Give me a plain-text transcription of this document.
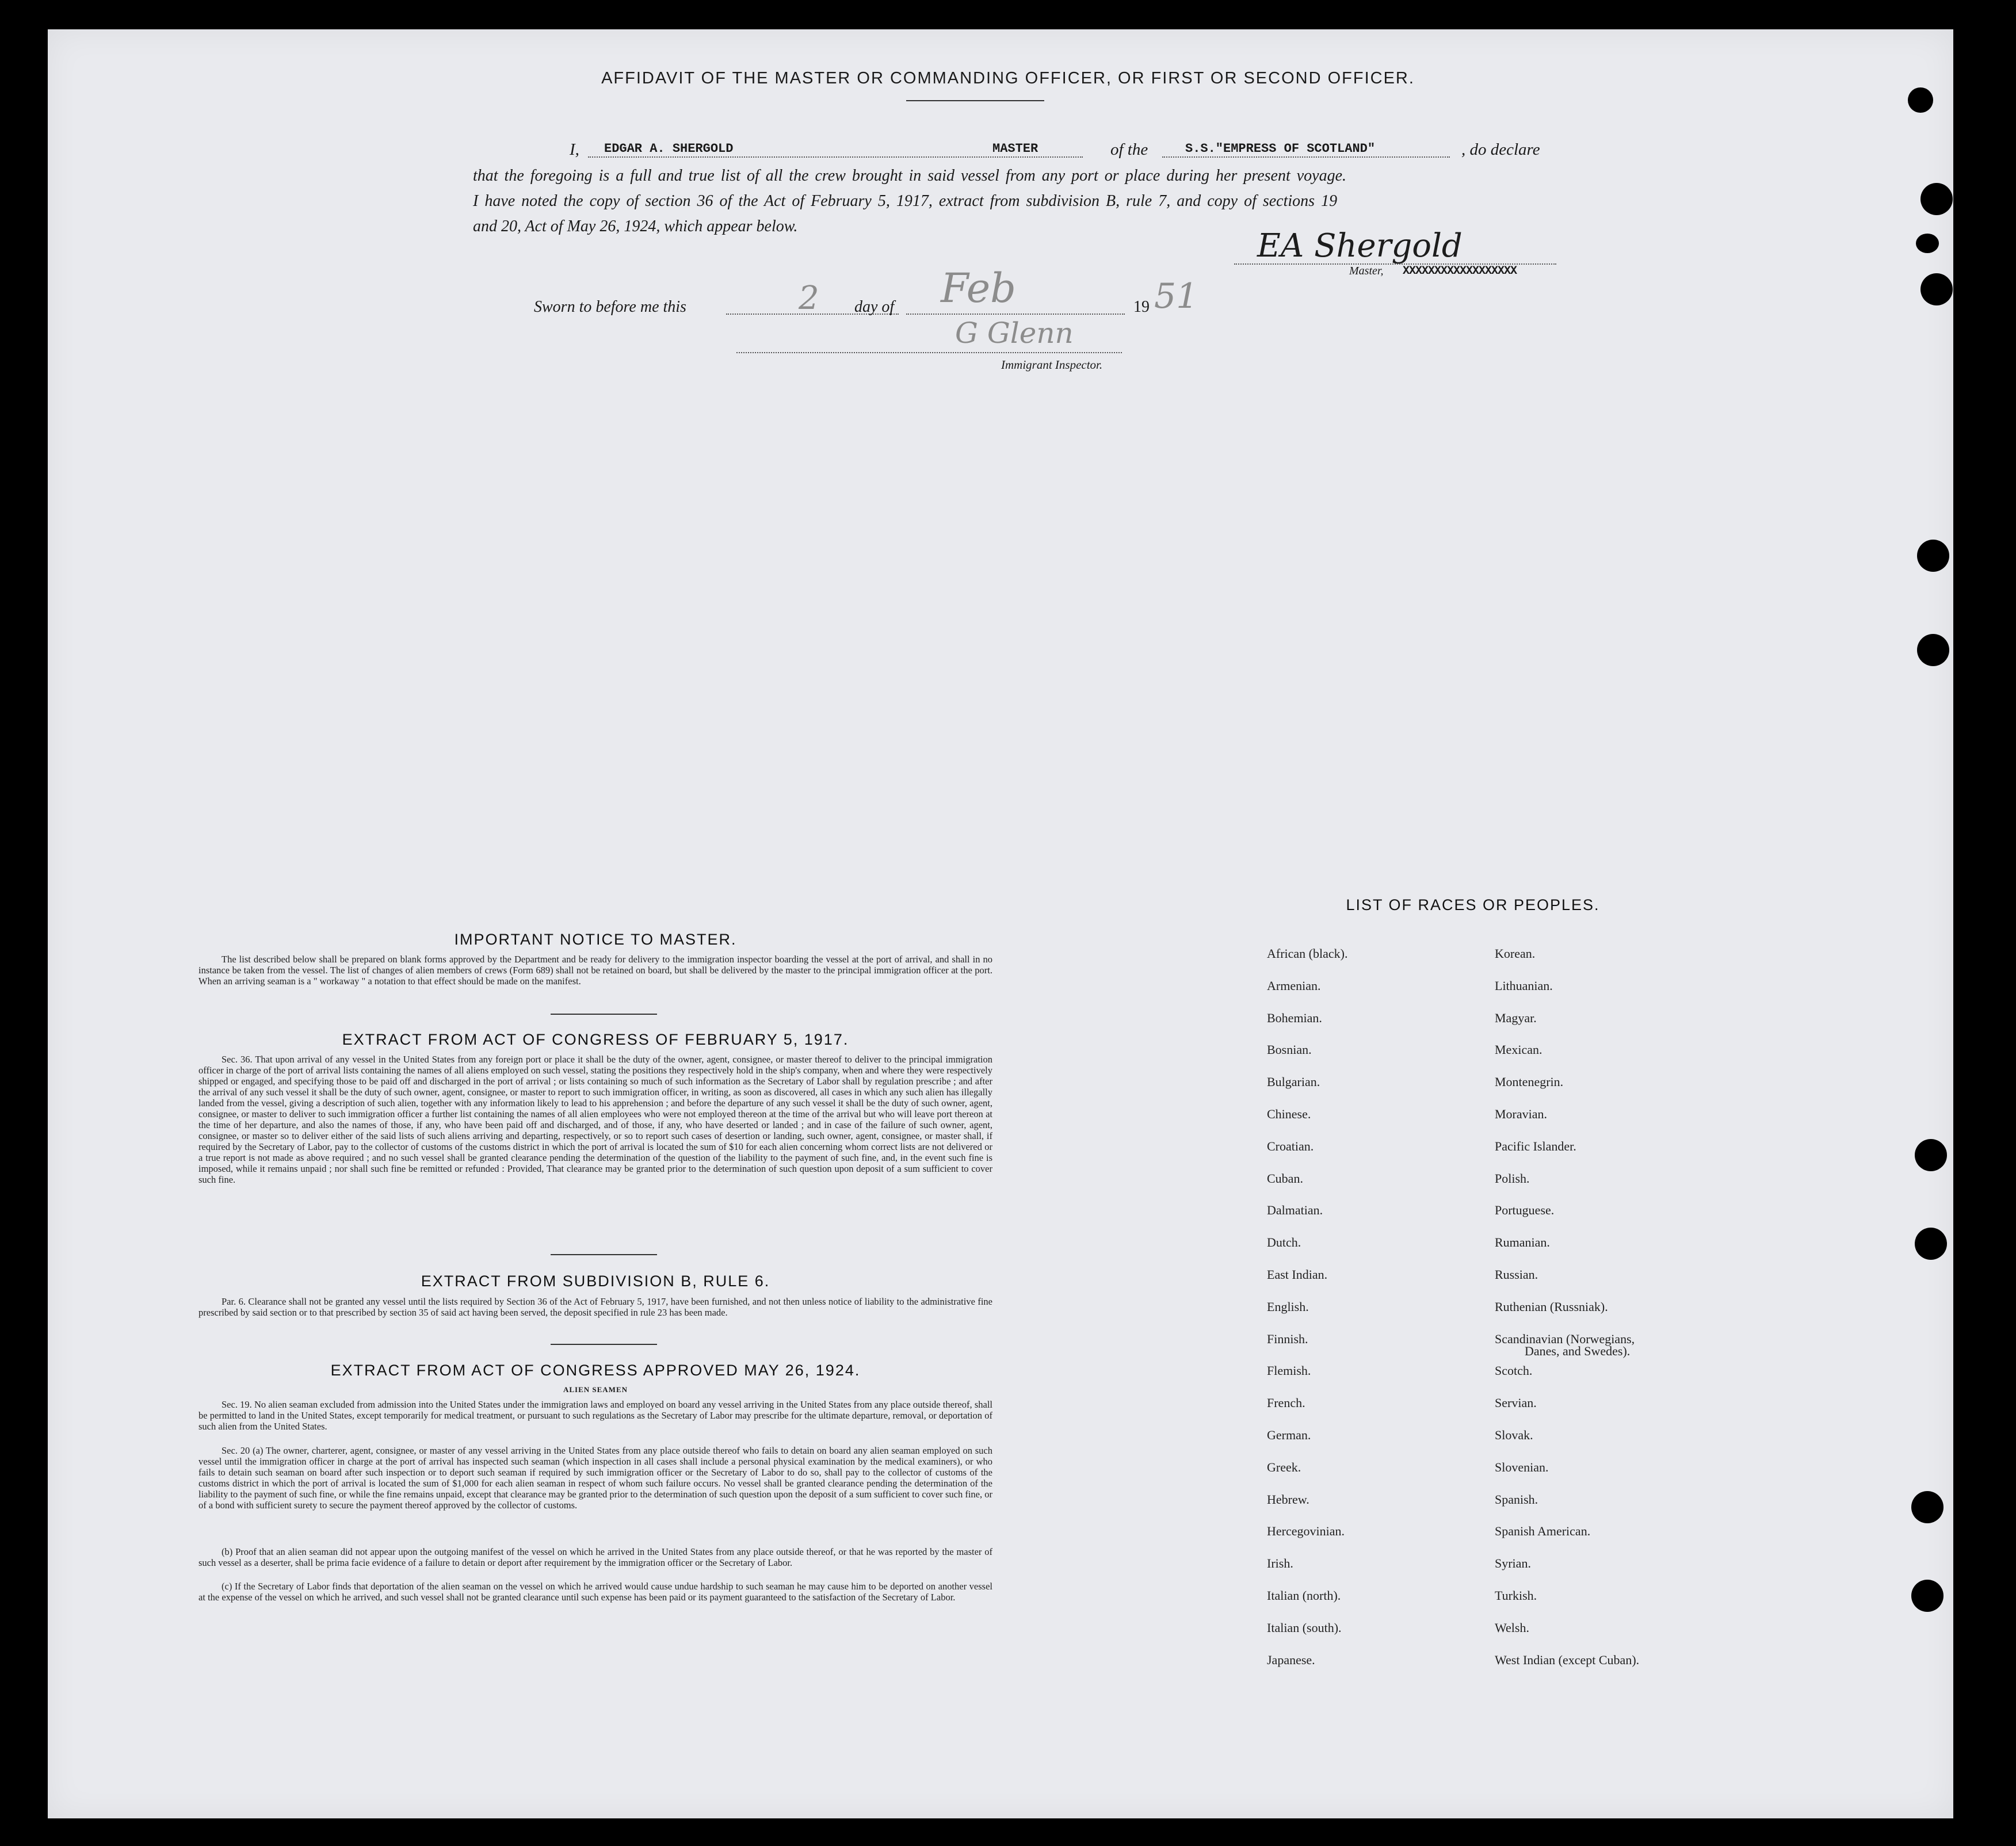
AFFIDAVIT OF THE MASTER OR COMMANDING OFFICER, OR FIRST OR SECOND OFFICER.
I, EDGAR A. SHERGOLD	MASTER	of the	S.S."EMPRESS OF SCOTLAND"	, do declare
that the foregoing is a full and true list of all the crew brought in said vessel from any port or place during her present voyage.
I have noted the copy of section 36 of the Act of February 5, 1917, extract from subdivision B, rule 7, and copy of sections 19
and 20, Act of May 26, 1924, which appear below.
EA Shergold
Master, XXXXXXXXXXXXXXXXXX
Sworn to before me this	2 day of Feb	19 51
G Glenn
Immigrant Inspector.
IMPORTANT NOTICE TO MASTER.
The list described below shall be prepared on blank forms approved by the Department and be ready for delivery to the immigration inspector boarding the vessel at the port of arrival, and shall in no instance be taken from the vessel. The list of changes of alien members of crews (Form 689) shall not be retained on board, but shall be delivered by the master to the principal immigration officer at the port. When an arriving seaman is a " workaway " a notation to that effect should be made on the manifest.
EXTRACT FROM ACT OF CONGRESS OF FEBRUARY 5, 1917.
Sec. 36. That upon arrival of any vessel in the United States from any foreign port or place it shall be the duty of the owner, agent, consignee, or master thereof to deliver to the principal immigration officer in charge of the port of arrival lists containing the names of all aliens employed on such vessel, stating the positions they respectively hold in the ship's company, when and where they were respectively shipped or engaged, and specifying those to be paid off and discharged in the port of arrival ; or lists containing so much of such information as the Secretary of Labor shall by regulation prescribe ; and after the arrival of any such vessel it shall be the duty of such owner, agent, consignee, or master to report to such immigration officer, in writing, as soon as discovered, all cases in which any such alien has illegally landed from the vessel, giving a description of such alien, together with any information likely to lead to his apprehension ; and before the departure of any such vessel it shall be the duty of such owner, agent, consignee, or master to deliver to such immigration officer a further list containing the names of all alien employees who were not employed thereon at the time of the arrival but who will leave port thereon at the time of her departure, and also the names of those, if any, who have been paid off and discharged, and of those, if any, who have deserted or landed ; and in case of the failure of such owner, agent, consignee, or master so to deliver either of the said lists of such aliens arriving and departing, respectively, or so to report such cases of desertion or landing, such owner, agent, consignee, or master shall, if required by the Secretary of Labor, pay to the collector of customs of the customs district in which the port of arrival is located the sum of $10 for each alien concerning whom correct lists are not delivered or a true report is not made as above required ; and no such vessel shall be granted clearance pending the determination of the question of the liability to the payment of such fine, and, in the event such fine is imposed, while it remains unpaid ; nor shall such fine be remitted or refunded : Provided, That clearance may be granted prior to the determination of such question upon deposit of a sum sufficient to cover such fine.
EXTRACT FROM SUBDIVISION B, RULE 6.
Par. 6. Clearance shall not be granted any vessel until the lists required by Section 36 of the Act of February 5, 1917, have been furnished, and not then unless notice of liability to the administrative fine prescribed by said section or to that prescribed by section 35 of said act having been served, the deposit specified in rule 23 has been made.
EXTRACT FROM ACT OF CONGRESS APPROVED MAY 26, 1924.
ALIEN SEAMEN
Sec. 19. No alien seaman excluded from admission into the United States under the immigration laws and employed on board any vessel arriving in the United States from any place outside thereof, shall be permitted to land in the United States, except temporarily for medical treatment, or pursuant to such regulations as the Secretary of Labor may prescribe for the ultimate departure, removal, or deportation of such alien from the United States.
Sec. 20 (a) The owner, charterer, agent, consignee, or master of any vessel arriving in the United States from any place outside thereof who fails to detain on board any alien seaman employed on such vessel until the immigration officer in charge at the port of arrival has inspected such seaman (which inspection in all cases shall include a personal physical examination by the medical examiners), or who fails to detain such seaman on board after such inspection or to deport such seaman if required by such immigration officer or the Secretary of Labor to do so, shall pay to the collector of customs of the customs district in which the port of arrival is located the sum of $1,000 for each alien seaman in respect of whom such failure occurs. No vessel shall be granted clearance pending the determination of the liability to the payment of such fine, or while the fine remains unpaid, except that clearance may be granted prior to the determination of such question upon the deposit of a sum sufficient to cover such fine, or of a bond with sufficient surety to secure the payment thereof approved by the collector of customs.
(b) Proof that an alien seaman did not appear upon the outgoing manifest of the vessel on which he arrived in the United States from any place outside thereof, or that he was reported by the master of such vessel as a deserter, shall be prima facie evidence of a failure to detain or deport after requirement by the immigration officer or the Secretary of Labor.
(c) If the Secretary of Labor finds that deportation of the alien seaman on the vessel on which he arrived would cause undue hardship to such seaman he may cause him to be deported on another vessel at the expense of the vessel on which he arrived, and such vessel shall not be granted clearance until such expense has been paid or its payment guaranteed to the satisfaction of the Secretary of Labor.
LIST OF RACES OR PEOPLES.
African (black).
Armenian.
Bohemian.
Bosnian.
Bulgarian.
Chinese.
Croatian.
Cuban.
Dalmatian.
Dutch.
East Indian.
English.
Finnish.
Flemish.
French.
German.
Greek.
Hebrew.
Hercegovinian.
Irish.
Italian (north).
Italian (south).
Japanese.
Korean.
Lithuanian.
Magyar.
Mexican.
Montenegrin.
Moravian.
Pacific Islander.
Polish.
Portuguese.
Rumanian.
Russian.
Ruthenian (Russniak).
Scandinavian (Norwegians,
Scotch.
Servian.
Slovak.
Slovenian.
Spanish.
Spanish American.
Syrian.
Turkish.
Welsh.
West Indian (except Cuban).
Danes, and Swedes).
